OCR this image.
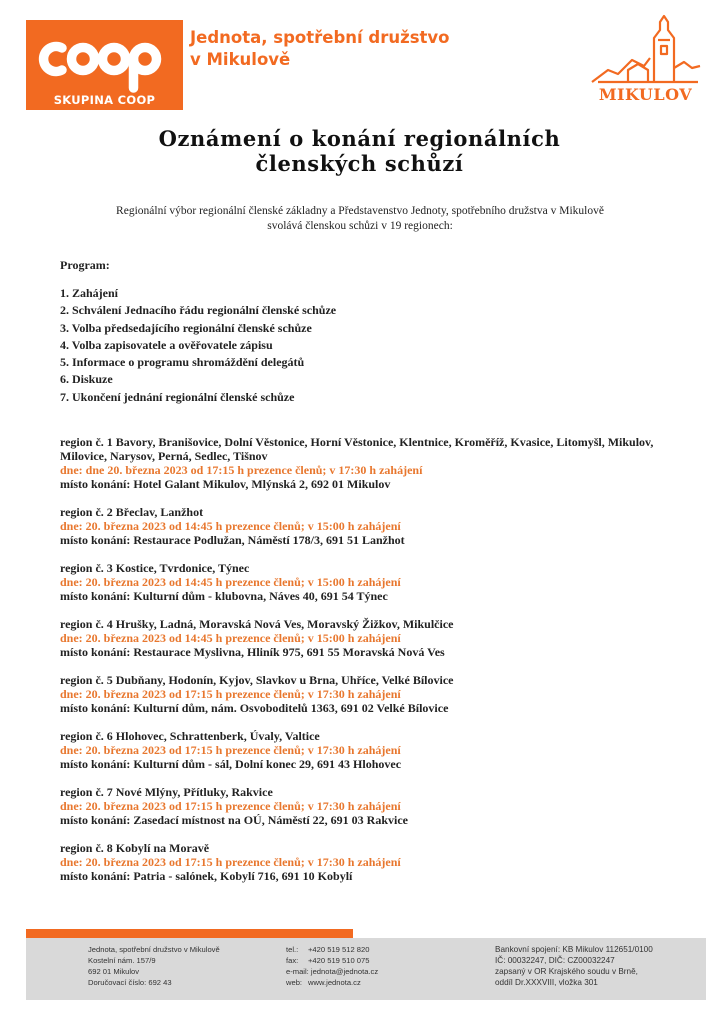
SKUPINA COOP
Jednota, spotřební družstvo
v Mikulově
MIKULOV
Oznámení o konání regionálních
členských schůzí
Regionální výbor regionální členské základny a Představenstvo Jednoty, spotřebního družstva v Mikulově
svolává členskou schůzi v 19 regionech:
Program:
1. Zahájení
2. Schválení Jednacího řádu regionální členské schůze
3. Volba předsedajícího regionální členské schůze
4. Volba zapisovatele a ověřovatele zápisu
5. Informace o programu shromáždění delegátů
6. Diskuze
7. Ukončení jednání regionální členské schůze
region č. 1 Bavory, Branišovice, Dolní Věstonice, Horní Věstonice, Klentnice, Kroměříž, Kvasice, Litomyšl, Mikulov, Milovice, Narysov, Perná, Sedlec, Tišnov
dne: dne 20. března 2023 od 17:15 h prezence členů; v 17:30 h zahájení
místo konání: Hotel Galant Mikulov, Mlýnská 2, 692 01 Mikulov
region č. 2 Břeclav, Lanžhot
dne: 20. března 2023 od 14:45 h prezence členů; v 15:00 h zahájení
místo konání: Restaurace Podlužan, Náměstí 178/3, 691 51 Lanžhot
region č. 3 Kostice, Tvrdonice, Týnec
dne: 20. března 2023 od 14:45 h prezence členů; v 15:00 h zahájení
místo konání: Kulturní dům - klubovna, Náves 40, 691 54 Týnec
region č. 4 Hrušky, Ladná, Moravská Nová Ves, Moravský Žižkov, Mikulčice
dne: 20. března 2023 od 14:45 h prezence členů; v 15:00 h zahájení
místo konání: Restaurace Myslivna, Hliník 975, 691 55 Moravská Nová Ves
region č. 5 Dubňany, Hodonín, Kyjov, Slavkov u Brna, Uhříce, Velké Bílovice
dne: 20. března 2023 od 17:15 h prezence členů; v 17:30 h zahájení
místo konání: Kulturní dům, nám. Osvoboditelů 1363, 691 02 Velké Bílovice
region č. 6 Hlohovec, Schrattenberk, Úvaly, Valtice
dne: 20. března 2023 od 17:15 h prezence členů; v 17:30 h zahájení
místo konání: Kulturní dům - sál, Dolní konec 29, 691 43 Hlohovec
region č. 7 Nové Mlýny, Přítluky, Rakvice
dne: 20. března 2023 od 17:15 h prezence členů; v 17:30 h zahájení
místo konání: Zasedací místnost na OÚ, Náměstí 22, 691 03 Rakvice
region č. 8 Kobylí na Moravě
dne: 20. března 2023 od 17:15 h prezence členů; v 17:30 h zahájení
místo konání: Patria - salónek, Kobylí 716, 691 10 Kobylí
Jednota, spotřební družstvo v Mikulově
Kostelní nám. 157/9
692 01 Mikulov
Doručovací číslo: 692 43
tel.:	+420 519 512 820
fax:	+420 519 510 075
e-mail: jednota@jednota.cz
web: www.jednota.cz
Bankovní spojení: KB Mikulov 112651/0100
IČ: 00032247, DIČ: CZ00032247
zapsaný v OR Krajského soudu v Brně,
oddíl Dr.XXXVIII, vložka 301
